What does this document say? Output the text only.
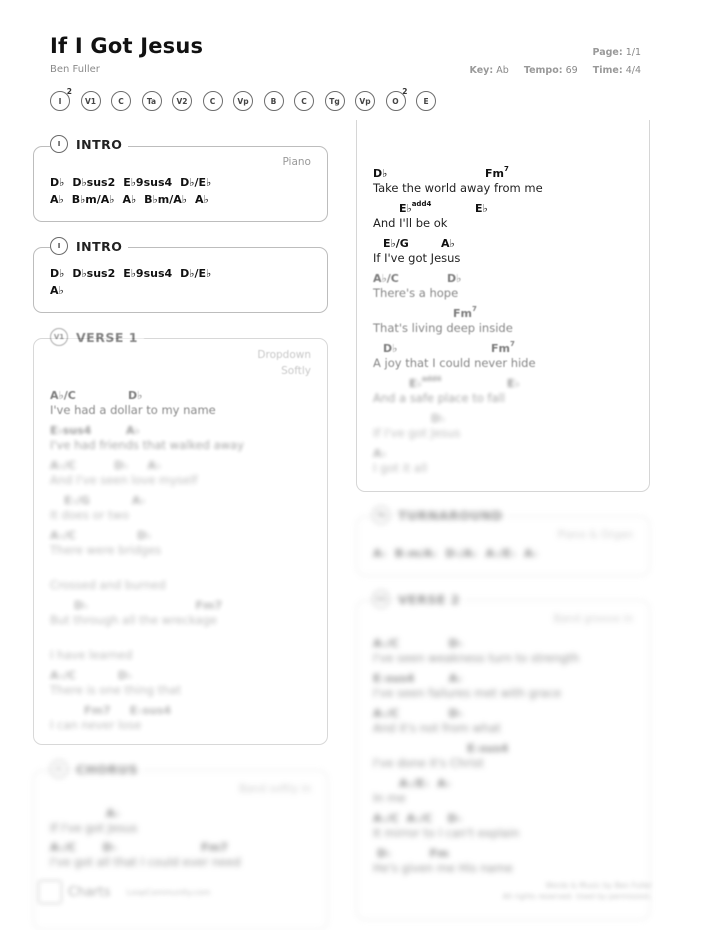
If I Got Jesus
Ben Fuller
Page: 1/1
Key: Ab Tempo: 69 Time: 4/4
I
2
V1	C	Ta	V2	C	Vp	B	C	Tg	Vp	O
2
E
Piano
D♭ D♭sus2 E♭9sus4 D♭/E♭
A♭ B♭m/A♭ A♭ B♭m/A♭ A♭
I	INTRO
D♭ D♭sus2 E♭9sus4 D♭/E♭
A♭
I	INTRO
Dropdown
Softly
A♭/C	D♭
I've had a dollar to my name
E♭sus4	A♭
I've had friends that walked away
A♭/C          D♭     A♭
And I've seen love myself
E♭/G           A♭
It does or two
A♭/C                D♭
There were bridges
Crossed and burned
D♭                            Fm7
But through all the wreckage
I have learned
A♭/C           D♭
There is one thing that
Fm7     E♭sus4
I can never lose
V1 VERSE 1
Band softly in
A♭
If I've got Jesus
A♭/C       D♭                      Fm7
I've got all that I could ever need
C	CHORUS
D♭	Fm$^7$
Take the world away from me
E♭$^{add4}$	E♭
And I'll be ok
E♭/G	A♭
If I've got Jesus
A♭/C	D♭
There's a hope
Fm$^7$
That's living deep inside
D♭	Fm$^7$
A joy that I could never hide
E♭$^{add4}$	E♭
And a safe place to fall
D♭
If I've got Jesus
A♭
I got it all
Piano & Organ
A♭ B♭m/A♭ D♭/A♭ A♭/E♭ A♭
Ta	TURNAROUND
Band groove in
A♭/C             D♭
I've seen weakness turn to strength
E♭sus4         A♭
I've seen failures met with grace
A♭/C             D♭
And it's not from what
E♭sus4
I've done it's Christ
A♭/E♭  A♭
In me
A♭/C  A♭/C    D♭
It mirror to I can't explain
D♭          Fm
He's given me His name
V2 VERSE 2
Charts LoopCommunity.com
Words & Music by Ben Fuller
All rights reserved. Used by permission.
